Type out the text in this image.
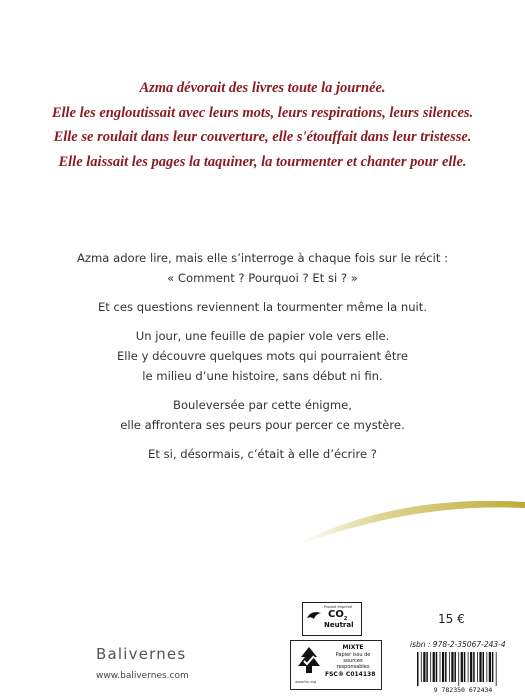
Azma dévorait des livres toute la journée.
Elle les engloutissait avec leurs mots, leurs respirations, leurs silences.
Elle se roulait dans leur couverture, elle s'étouffait dans leur tristesse.
Elle laissait les pages la taquiner, la tourmenter et chanter pour elle.
Azma adore lire, mais elle s’interroge à chaque fois sur le récit :
« Comment ? Pourquoi ? Et si ? »
Et ces questions reviennent la tourmenter même la nuit.
Un jour, une feuille de papier vole vers elle.
Elle y découvre quelques mots qui pourraient être
le milieu d’une histoire, sans début ni fin.
Bouleversée par cette énigme,
elle affrontera ses peurs pour percer ce mystère.
Et si, désormais, c’était à elle d’écrire ?
Balivernes
www.balivernes.com
Produit Imprimé
$CO_2$
Neutral
MIXTE
Papier issu de sources responsables
FSC® C014138
www.fsc.org
15 €
isbn : 978-2-35067-243-4
9 782350 672434
